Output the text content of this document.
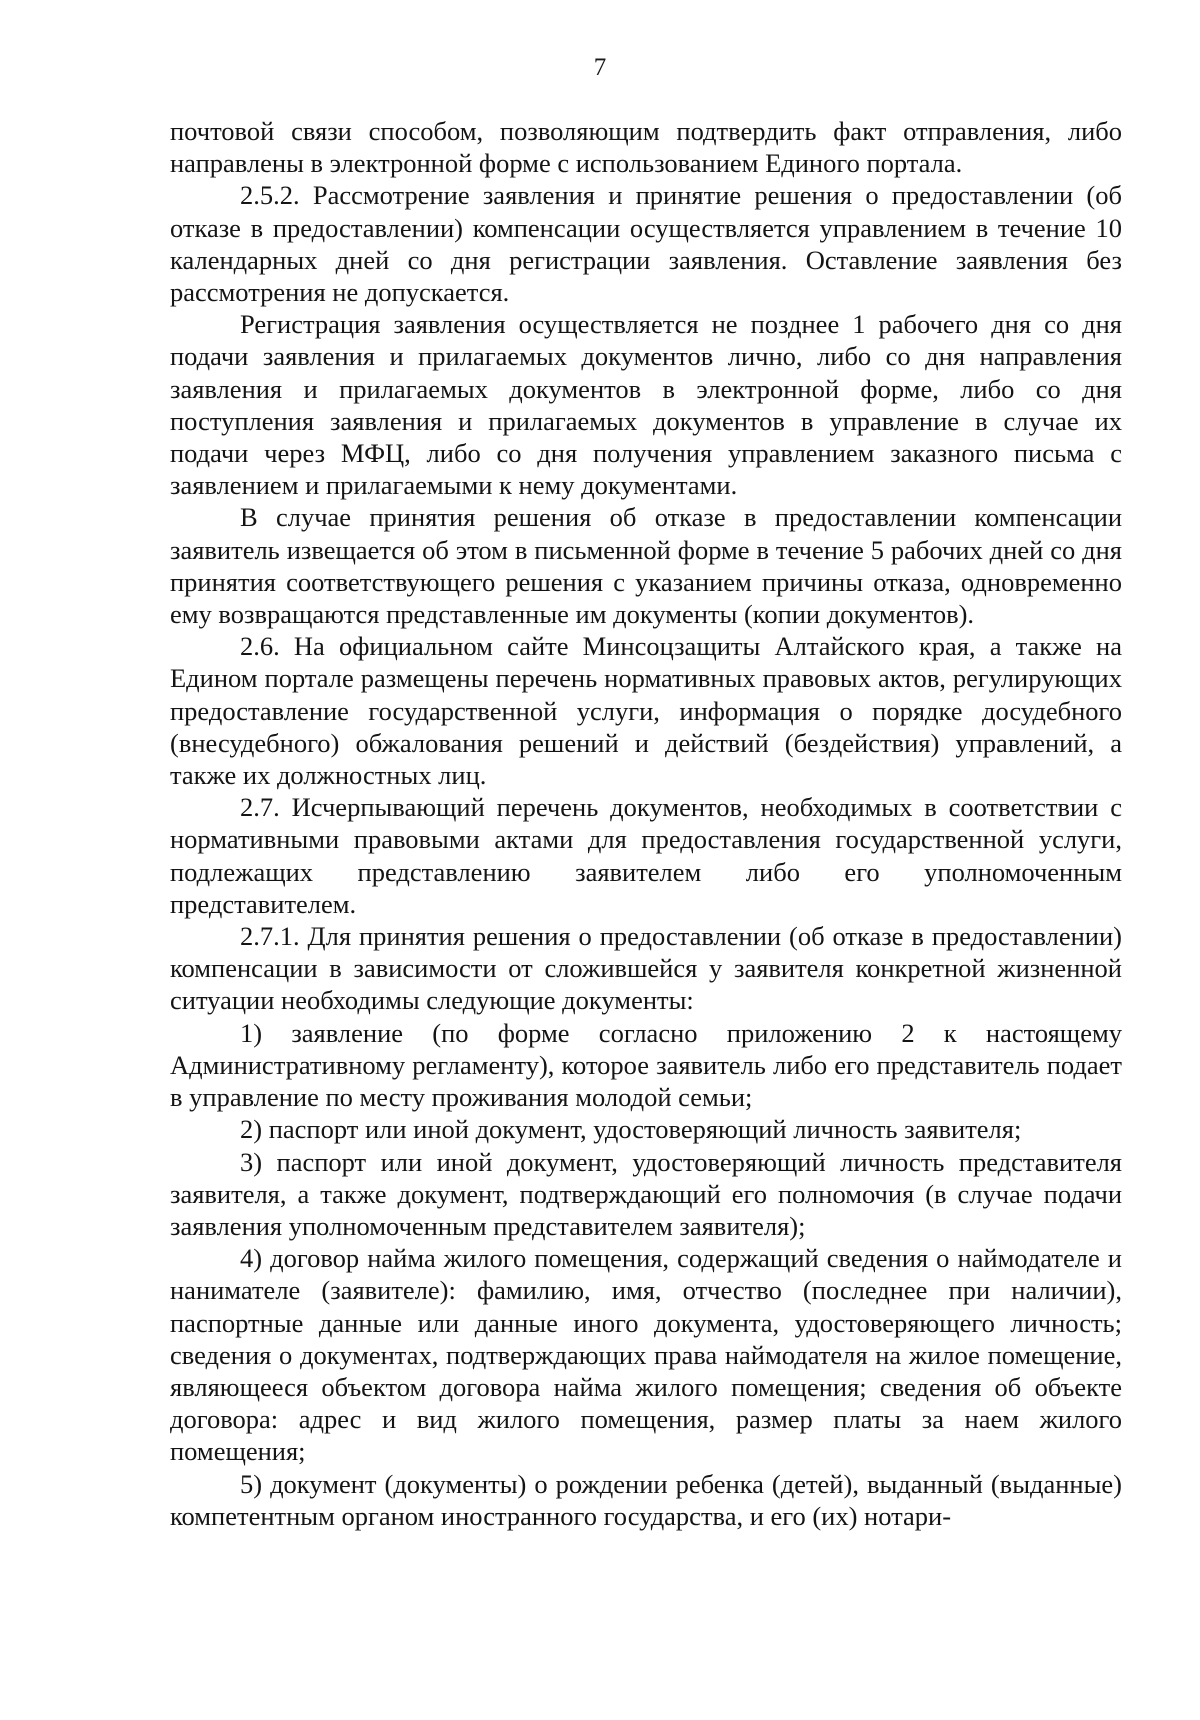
7

почтовой связи способом, позволяющим подтвердить факт отправления, либо направлены в электронной форме с использованием Единого портала.

2.5.2. Рассмотрение заявления и принятие решения о предоставлении (об отказе в предоставлении) компенсации осуществляется управлением в течение 10 календарных дней со дня регистрации заявления. Оставление заявления без рассмотрения не допускается.

Регистрация заявления осуществляется не позднее 1 рабочего дня со дня подачи заявления и прилагаемых документов лично, либо со дня направления заявления и прилагаемых документов в электронной форме, либо со дня поступления заявления и прилагаемых документов в управление в случае их подачи через МФЦ, либо со дня получения управлением заказного письма с заявлением и прилагаемыми к нему документами.

В случае принятия решения об отказе в предоставлении компенсации заявитель извещается об этом в письменной форме в течение 5 рабочих дней со дня принятия соответствующего решения с указанием причины отказа, одновременно ему возвращаются представленные им документы (копии документов).

2.6. На официальном сайте Минсоцзащиты Алтайского края, а также на Едином портале размещены перечень нормативных правовых актов, регулирующих предоставление государственной услуги, информация о порядке досудебного (внесудебного) обжалования решений и действий (бездействия) управлений, а также их должностных лиц.

2.7. Исчерпывающий перечень документов, необходимых в соответствии с нормативными правовыми актами для предоставления государственной услуги, подлежащих представлению заявителем либо его уполномоченным представителем.

2.7.1. Для принятия решения о предоставлении (об отказе в предоставлении) компенсации в зависимости от сложившейся у заявителя конкретной жизненной ситуации необходимы следующие документы:

1) заявление (по форме согласно приложению 2 к настоящему Административному регламенту), которое заявитель либо его представитель подает в управление по месту проживания молодой семьи;

2) паспорт или иной документ, удостоверяющий личность заявителя;

3) паспорт или иной документ, удостоверяющий личность представителя заявителя, а также документ, подтверждающий его полномочия (в случае подачи заявления уполномоченным представителем заявителя);

4) договор найма жилого помещения, содержащий сведения о наймодателе и нанимателе (заявителе): фамилию, имя, отчество (последнее при наличии), паспортные данные или данные иного документа, удостоверяющего личность; сведения о документах, подтверждающих права наймодателя на жилое помещение, являющееся объектом договора найма жилого помещения; сведения об объекте договора: адрес и вид жилого помещения, размер платы за наем жилого помещения;

5) документ (документы) о рождении ребенка (детей), выданный (выданные) компетентным органом иностранного государства, и его (их) нотари-
